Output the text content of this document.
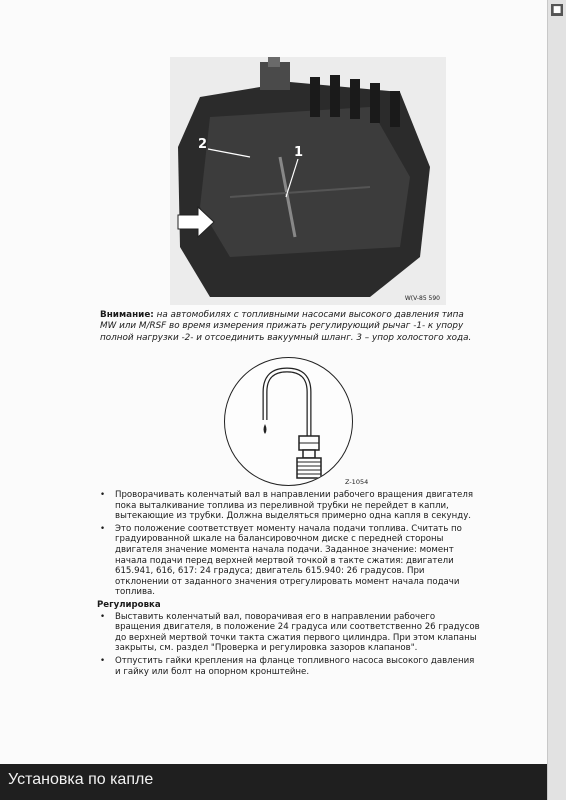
2
1
W(V-85 590
Внимание: на автомобилях с топливными насосами высокого давления типа MW или M/RSF во время измерения прижать регулирующий рычаг -1- к упору полной нагрузки -2- и отсоединить вакуумный шланг. 3 – упор холостого хода.
Z-1054
• Проворачивать коленчатый вал в направлении рабочего вращения двигателя пока выталкивание топлива из переливной трубки не перейдет в капли, вытекающие из трубки. Должна выделяться примерно одна капля в секунду.
• Это положение соответствует моменту начала подачи топлива. Считать по градуированной шкале на балансировочном диске с передней стороны двигателя значение момента начала подачи. Заданное значение: момент начала подачи перед верхней мертвой точкой в такте сжатия: двигатели 615.941, 616, 617: 24 градуса; двигатель 615.940: 26 градусов. При отклонении от заданного значения отрегулировать момент начала подачи топлива.
Регулировка
• Выставить коленчатый вал, поворачивая его в направлении рабочего вращения двигателя, в положение 24 градуса или соответственно 26 градусов до верхней мертвой точки такта сжатия первого цилиндра. При этом клапаны закрыты, см. раздел "Проверка и регулировка зазоров клапанов".
• Отпустить гайки крепления на фланце топливного насоса высокого давления и гайку или болт на опорном кронштейне.
Установка по капле
■
